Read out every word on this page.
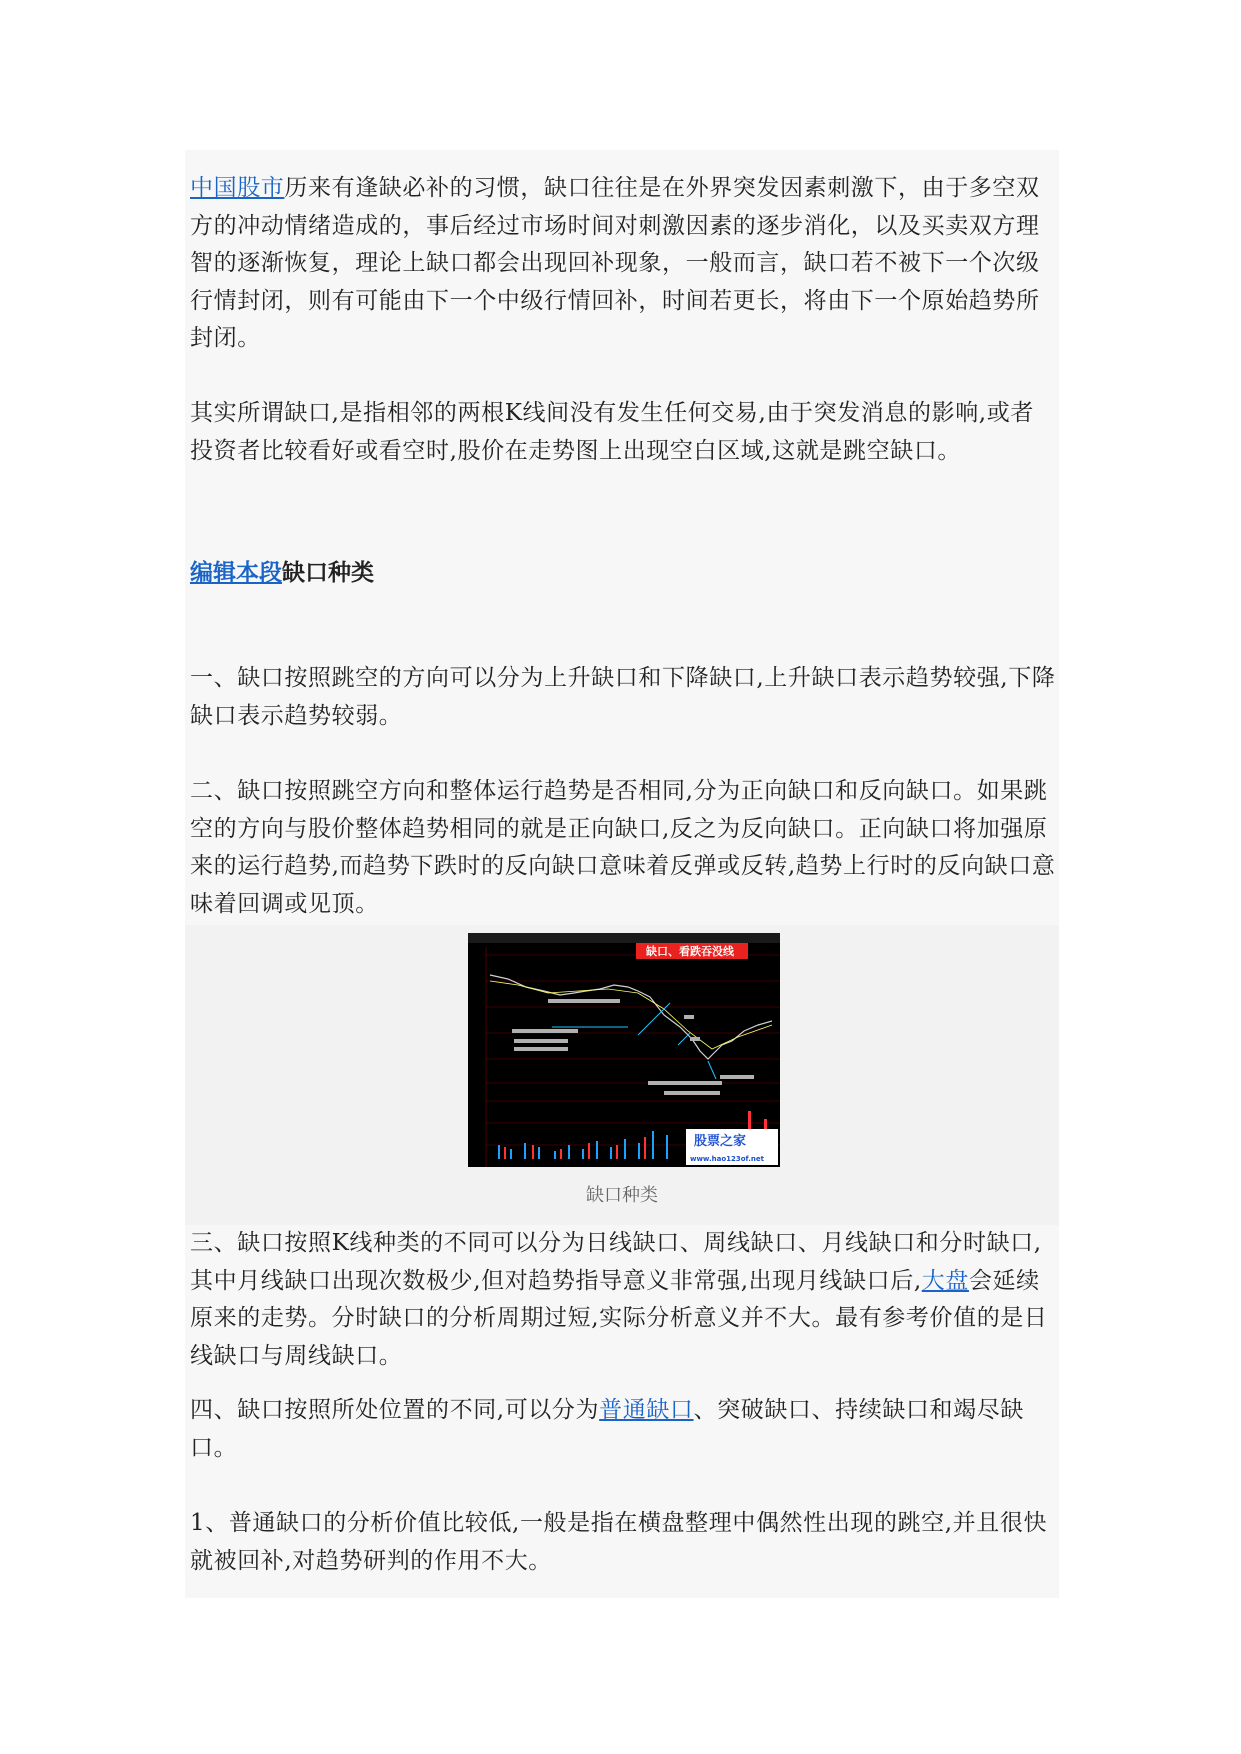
中国股市历来有逢缺必补的习惯，缺口往往是在外界突发因素刺激下，由于多空双方的冲动情绪造成的，事后经过市场时间对刺激因素的逐步消化，以及买卖双方理智的逐渐恢复，理论上缺口都会出现回补现象，一般而言，缺口若不被下一个次级行情封闭，则有可能由下一个中级行情回补，时间若更长，将由下一个原始趋势所封闭。

其实所谓缺口,是指相邻的两根K线间没有发生任何交易,由于突发消息的影响,或者投资者比较看好或看空时,股价在走势图上出现空白区域,这就是跳空缺口。

编辑本段缺口种类

一、缺口按照跳空的方向可以分为上升缺口和下降缺口,上升缺口表示趋势较强,下降缺口表示趋势较弱。

二、缺口按照跳空方向和整体运行趋势是否相同,分为正向缺口和反向缺口。如果跳空的方向与股价整体趋势相同的就是正向缺口,反之为反向缺口。正向缺口将加强原来的运行趋势,而趋势下跌时的反向缺口意味着反弹或反转,趋势上行时的反向缺口意味着回调或见顶。

缺口、看跌吞没线
股票之家
www.hao123of.net
缺口种类

三、缺口按照K线种类的不同可以分为日线缺口、周线缺口、月线缺口和分时缺口,其中月线缺口出现次数极少,但对趋势指导意义非常强,出现月线缺口后,大盘会延续原来的走势。分时缺口的分析周期过短,实际分析意义并不大。最有参考价值的是日线缺口与周线缺口。

四、缺口按照所处位置的不同,可以分为普通缺口、突破缺口、持续缺口和竭尽缺口。

1、普通缺口的分析价值比较低,一般是指在横盘整理中偶然性出现的跳空,并且很快就被回补,对趋势研判的作用不大。
